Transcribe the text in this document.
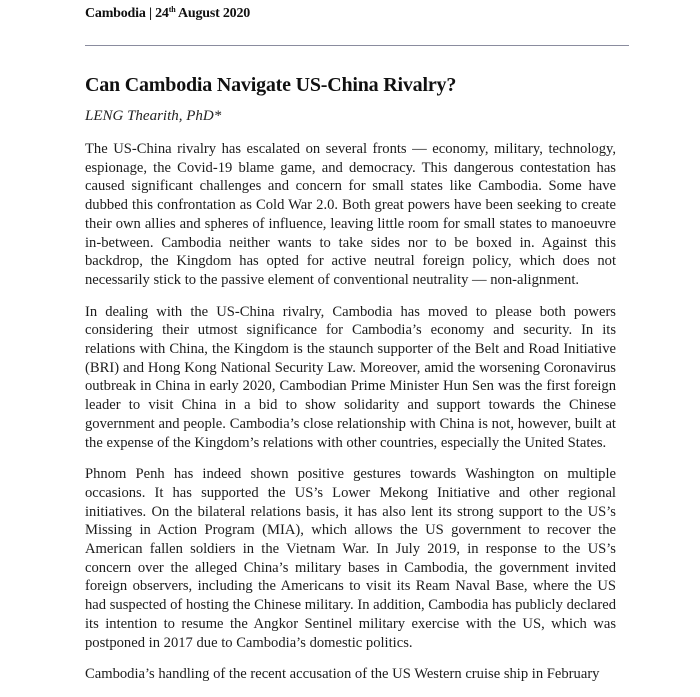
Cambodia | 24th August 2020
Can Cambodia Navigate US-China Rivalry?
LENG Thearith, PhD*

The US-China rivalry has escalated on several fronts — economy, military, technology, espionage, the Covid-19 blame game, and democracy. This dangerous contestation has caused significant challenges and concern for small states like Cambodia. Some have dubbed this confrontation as Cold War 2.0. Both great powers have been seeking to create their own allies and spheres of influence, leaving little room for small states to manoeuvre in-between. Cambodia neither wants to take sides nor to be boxed in. Against this backdrop, the Kingdom has opted for active neutral foreign policy, which does not necessarily stick to the passive element of conventional neutrality — non-alignment.

In dealing with the US-China rivalry, Cambodia has moved to please both powers considering their utmost significance for Cambodia’s economy and security. In its relations with China, the Kingdom is the staunch supporter of the Belt and Road Initiative (BRI) and Hong Kong National Security Law. Moreover, amid the worsening Coronavirus outbreak in China in early 2020, Cambodian Prime Minister Hun Sen was the first foreign leader to visit China in a bid to show solidarity and support towards the Chinese government and people. Cambodia’s close relationship with China is not, however, built at the expense of the Kingdom’s relations with other countries, especially the United States.

Phnom Penh has indeed shown positive gestures towards Washington on multiple occasions. It has supported the US’s Lower Mekong Initiative and other regional initiatives. On the bilateral relations basis, it has also lent its strong support to the US’s Missing in Action Program (MIA), which allows the US government to recover the American fallen soldiers in the Vietnam War. In July 2019, in response to the US’s concern over the alleged China’s military bases in Cambodia, the government invited foreign observers, including the Americans to visit its Ream Naval Base, where the US had suspected of hosting the Chinese military. In addition, Cambodia has publicly declared its intention to resume the Angkor Sentinel military exercise with the US, which was postponed in 2017 due to Cambodia’s domestic politics.

Cambodia’s handling of the recent accusation of the US Western cruise ship in February
